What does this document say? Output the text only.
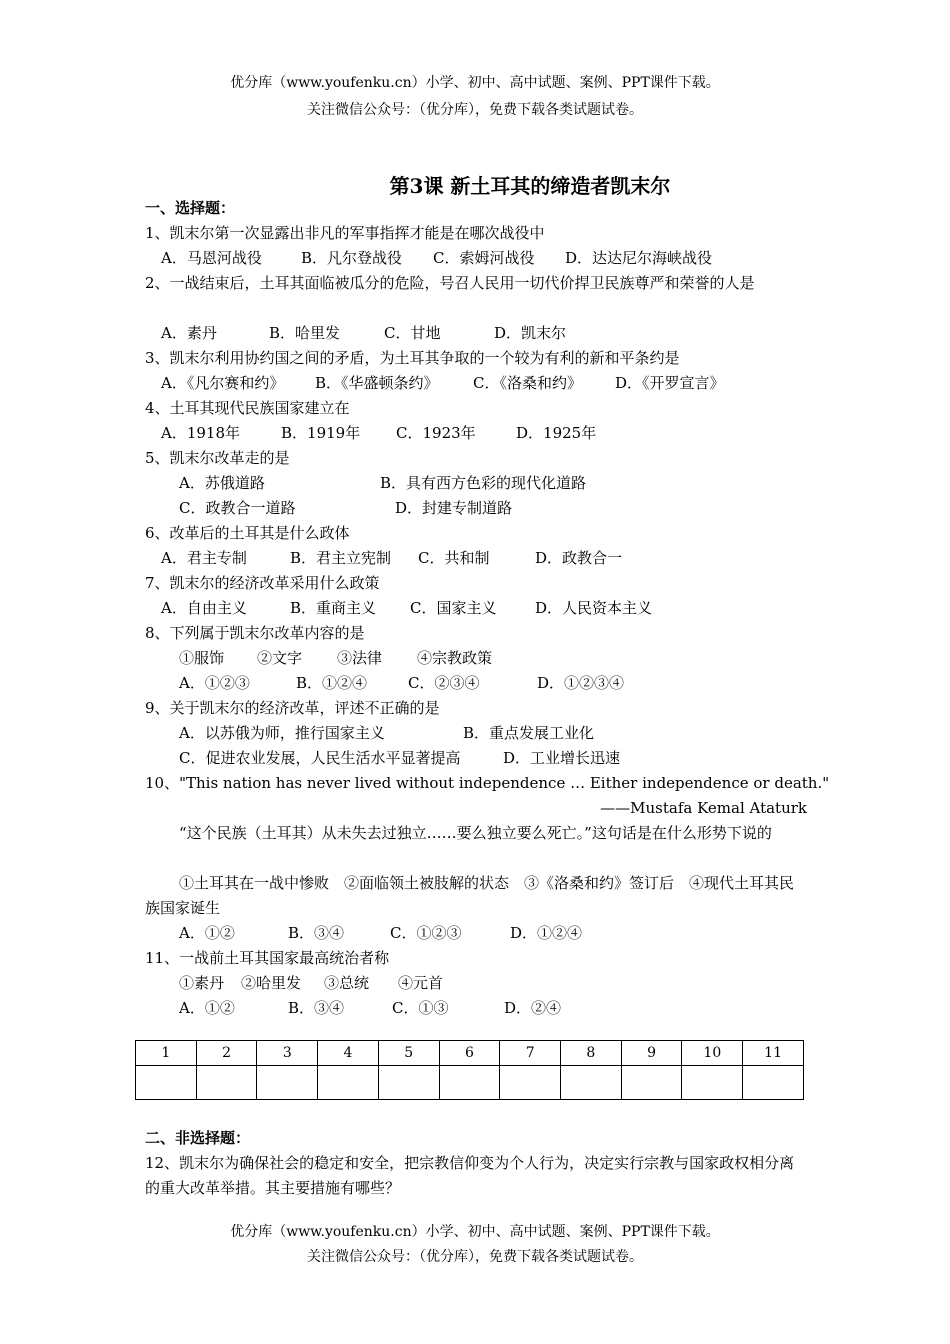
优分库（www.youfenku.cn）小学、初中、高中试题、案例、PPT课件下载。
关注微信公众号：（优分库），免费下载各类试题试卷。
第3课 新土耳其的缔造者凯末尔
一、选择题：
1、凯末尔第一次显露出非凡的军事指挥才能是在哪次战役中
A．马恩河战役	B．凡尔登战役 C．索姆河战役 D．达达尼尔海峡战役
2、一战结束后，土耳其面临被瓜分的危险，号召人民用一切代价捍卫民族尊严和荣誉的人是
A．素丹	B．哈里发	C．甘地	D．凯末尔
3、凯末尔利用协约国之间的矛盾，为土耳其争取的一个较为有利的新和平条约是
A．《凡尔赛和约》 B．《华盛顿条约》 C．《洛桑和约》 D．《开罗宣言》
4、土耳其现代民族国家建立在
A．1918年	B．1919年 C．1923年	D．1925年
5、凯末尔改革走的是
A．苏俄道路	B．具有西方色彩的现代化道路
C．政教合一道路	D．封建专制道路
6、改革后的土耳其是什么政体
A．君主专制	B．君主立宪制 C．共和制	D．政教合一
7、凯末尔的经济改革采用什么政策
A．自由主义	B．重商主义 C．国家主义	D．人民资本主义
8、下列属于凯末尔改革内容的是
①服饰 ②文字 ③法律 ④宗教政策
A．①②③	B．①②④	C．②③④	D．①②③④
9、关于凯末尔的经济改革，评述不正确的是
A．以苏俄为师，推行国家主义	B．重点发展工业化
C．促进农业发展，人民生活水平显著提高	D．工业增长迅速
10、"This nation has never lived without independence … Either independence or death."
——Mustafa Kemal Ataturk
“这个民族（土耳其）从未失去过独立……要么独立要么死亡。”这句话是在什么形势下说的
①土耳其在一战中惨败　②面临领土被肢解的状态　③《洛桑和约》签订后　④现代土耳其民族国家诞生
A．①②	B．③④	C．①②③	D．①②④
11、一战前土耳其国家最高统治者称
①素丹 ②哈里发 ③总统 ④元首
A．①②	B．③④	C．①③	D．②④
1	2	3	4	5	6	7	8	9	10	11

二、非选择题：
12、凯末尔为确保社会的稳定和安全，把宗教信仰变为个人行为，决定实行宗教与国家政权相分离的重大改革举措。其主要措施有哪些？
优分库（www.youfenku.cn）小学、初中、高中试题、案例、PPT课件下载。
关注微信公众号：（优分库），免费下载各类试题试卷。
